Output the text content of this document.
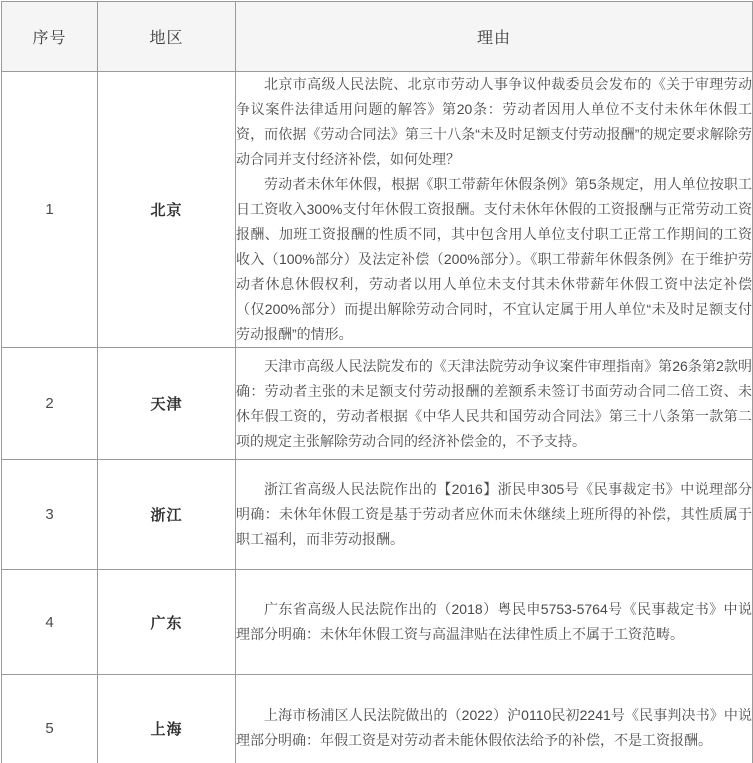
序号	地区	理由
1	北京	北京市高级人民法院、北京市劳动人事争议仲裁委员会发布的《关于审理劳动争议案件法律适用问题的解答》第20条：劳动者因用人单位不支付未休年休假工资，而依据《劳动合同法》第三十八条“未及时足额支付劳动报酬”的规定要求解除劳动合同并支付经济补偿，如何处理？

劳动者未休年休假，根据《职工带薪年休假条例》第5条规定，用人单位按职工日工资收入300%支付年休假工资报酬。支付未休年休假的工资报酬与正常劳动工资报酬、加班工资报酬的性质不同，其中包含用人单位支付职工正常工作期间的工资收入（100%部分）及法定补偿（200%部分）。《职工带薪年休假条例》在于维护劳动者休息休假权利，劳动者以用人单位未支付其未休带薪年休假工资中法定补偿（仅200%部分）而提出解除劳动合同时，不宜认定属于用人单位“未及时足额支付劳动报酬”的情形。

2	天津	天津市高级人民法院发布的《天津法院劳动争议案件审理指南》第26条第2款明确：劳动者主张的未足额支付劳动报酬的差额系未签订书面劳动合同二倍工资、未休年假工资的，劳动者根据《中华人民共和国劳动合同法》第三十八条第一款第二项的规定主张解除劳动合同的经济补偿金的，不予支持。

3	浙江	浙江省高级人民法院作出的【2016】浙民申305号《民事裁定书》中说理部分明确：未休年休假工资是基于劳动者应休而未休继续上班所得的补偿，其性质属于职工福利，而非劳动报酬。

4	广东	广东省高级人民法院作出的（2018）粤民申5753-5764号《民事裁定书》中说理部分明确：未休年休假工资与高温津贴在法律性质上不属于工资范畴。

5	上海	上海市杨浦区人民法院做出的（2022）沪0110民初2241号《民事判决书》中说理部分明确：年假工资是对劳动者未能休假依法给予的补偿，不是工资报酬。
